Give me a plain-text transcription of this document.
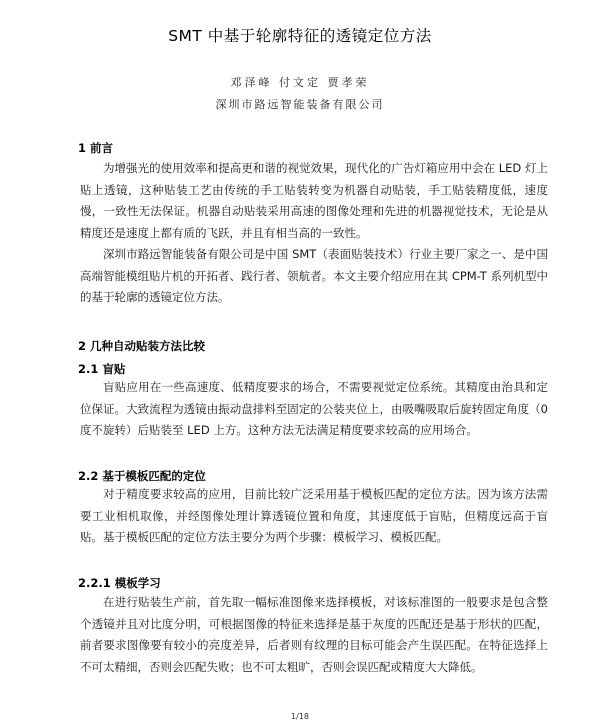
SMT 中基于轮廓特征的透镜定位方法
邓泽峰 付文定 贾孝荣
深圳市路远智能装备有限公司
1 前言

为增强光的使用效率和提高更和谐的视觉效果，现代化的广告灯箱应用中会在 LED 灯上贴上透镜，这种贴装工艺由传统的手工贴装转变为机器自动贴装，手工贴装精度低，速度慢，一致性无法保证。机器自动贴装采用高速的图像处理和先进的机器视觉技术，无论是从精度还是速度上都有质的飞跃，并且有相当高的一致性。

深圳市路远智能装备有限公司是中国 SMT（表面贴装技术）行业主要厂家之一、是中国高端智能模组贴片机的开拓者、践行者、领航者。本文主要介绍应用在其 CPM-T 系列机型中的基于轮廓的透镜定位方法。

2 几种自动贴装方法比较
2.1 盲贴

盲贴应用在一些高速度、低精度要求的场合，不需要视觉定位系统。其精度由治具和定位保证。大致流程为透镜由振动盘排料至固定的公装夹位上，由吸嘴吸取后旋转固定角度（0 度不旋转）后贴装至 LED 上方。这种方法无法满足精度要求较高的应用场合。

2.2 基于模板匹配的定位

对于精度要求较高的应用，目前比较广泛采用基于模板匹配的定位方法。因为该方法需要工业相机取像，并经图像处理计算透镜位置和角度，其速度低于盲贴，但精度远高于盲贴。基于模板匹配的定位方法主要分为两个步骤：模板学习、模板匹配。

2.2.1 模板学习

在进行贴装生产前，首先取一幅标准图像来选择模板，对该标准图的一般要求是包含整个透镜并且对比度分明，可根据图像的特征来选择是基于灰度的匹配还是基于形状的匹配，前者要求图像要有较小的亮度差异，后者则有纹理的目标可能会产生误匹配。在特征选择上不可太精细，否则会匹配失败；也不可太粗旷，否则会误匹配或精度大大降低。

1/18
